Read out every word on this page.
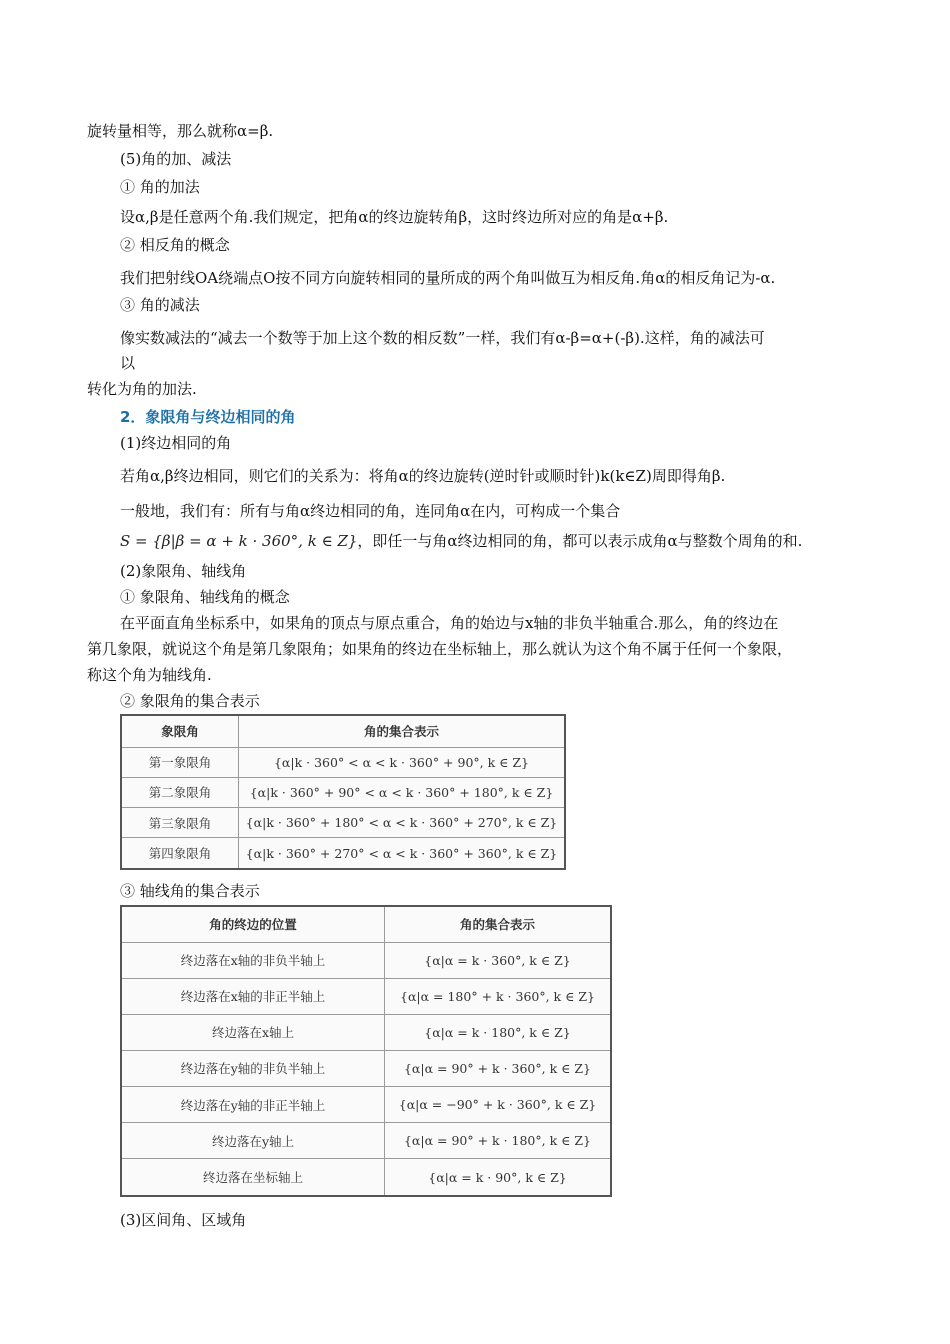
旋转量相等，那么就称α=β.
(5)角的加、减法
① 角的加法
设α,β是任意两个角.我们规定，把角α的终边旋转角β，这时终边所对应的角是α+β.
② 相反角的概念
我们把射线OA绕端点O按不同方向旋转相同的量所成的两个角叫做互为相反角.角α的相反角记为-α.
③ 角的减法
像实数减法的“减去一个数等于加上这个数的相反数”一样，我们有α-β=α+(-β).这样，角的减法可
以
转化为角的加法.
2．象限角与终边相同的角
(1)终边相同的角
若角α,β终边相同，则它们的关系为：将角α的终边旋转(逆时针或顺时针)k(k∈Z)周即得角β.
一般地，我们有：所有与角α终边相同的角，连同角α在内，可构成一个集合
S = {β|β = α + k · 360°, k ∈ Z}，即任一与角α终边相同的角，都可以表示成角α与整数个周角的和.
(2)象限角、轴线角
① 象限角、轴线角的概念
在平面直角坐标系中，如果角的顶点与原点重合，角的始边与x轴的非负半轴重合.那么，角的终边在
第几象限，就说这个角是第几象限角；如果角的终边在坐标轴上，那么就认为这个角不属于任何一个象限，
称这个角为轴线角.
② 象限角的集合表示
象限角	角的集合表示
第一象限角	{α|k · 360° < α < k · 360° + 90°, k ∈ Z}
第二象限角	{α|k · 360° + 90° < α < k · 360° + 180°, k ∈ Z}
第三象限角	{α|k · 360° + 180° < α < k · 360° + 270°, k ∈ Z}
第四象限角	{α|k · 360° + 270° < α < k · 360° + 360°, k ∈ Z}
③ 轴线角的集合表示
角的终边的位置	角的集合表示
终边落在x轴的非负半轴上	{α|α = k · 360°, k ∈ Z}
终边落在x轴的非正半轴上	{α|α = 180° + k · 360°, k ∈ Z}
终边落在x轴上	{α|α = k · 180°, k ∈ Z}
终边落在y轴的非负半轴上	{α|α = 90° + k · 360°, k ∈ Z}
终边落在y轴的非正半轴上	{α|α = −90° + k · 360°, k ∈ Z}
终边落在y轴上	{α|α = 90° + k · 180°, k ∈ Z}
终边落在坐标轴上	{α|α = k · 90°, k ∈ Z}
(3)区间角、区域角
